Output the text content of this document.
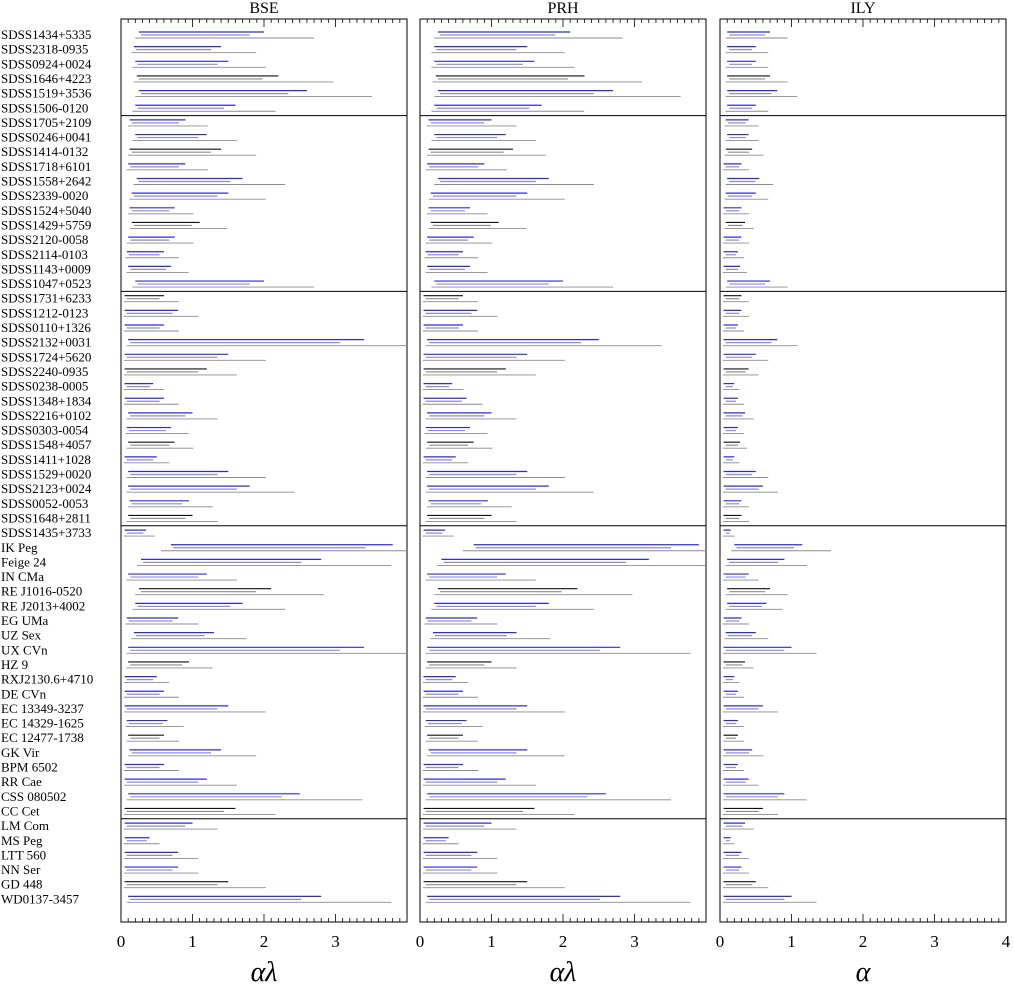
SDSS1434+5335
SDSS2318-0935
SDSS0924+0024
SDSS1646+4223
SDSS1519+3536
SDSS1506-0120
SDSS1705+2109
SDSS0246+0041
SDSS1414-0132
SDSS1718+6101
SDSS1558+2642
SDSS2339-0020
SDSS1524+5040
SDSS1429+5759
SDSS2120-0058
SDSS2114-0103
SDSS1143+0009
SDSS1047+0523
SDSS1731+6233
SDSS1212-0123
SDSS0110+1326
SDSS2132+0031
SDSS1724+5620
SDSS2240-0935
SDSS0238-0005
SDSS1348+1834
SDSS2216+0102
SDSS0303-0054
SDSS1548+4057
SDSS1411+1028
SDSS1529+0020
SDSS2123+0024
SDSS0052-0053
SDSS1648+2811
SDSS1435+3733
IK Peg
Feige 24
IN CMa
RE J1016-0520
RE J2013+4002
EG UMa
UZ Sex
UX CVn
HZ 9
RXJ2130.6+4710
DE CVn
EC 13349-3237
EC 14329-1625
EC 12477-1738
GK Vir
BPM 6502
RR Cae
CSS 080502
CC Cet
LM Com
MS Peg
LTT 560
NN Ser
GD 448
WD0137-3457
BSE
0	1	2	3
αλ
PRH
0	1	2	3
αλ
ILY
0	1	2	3	4
α
